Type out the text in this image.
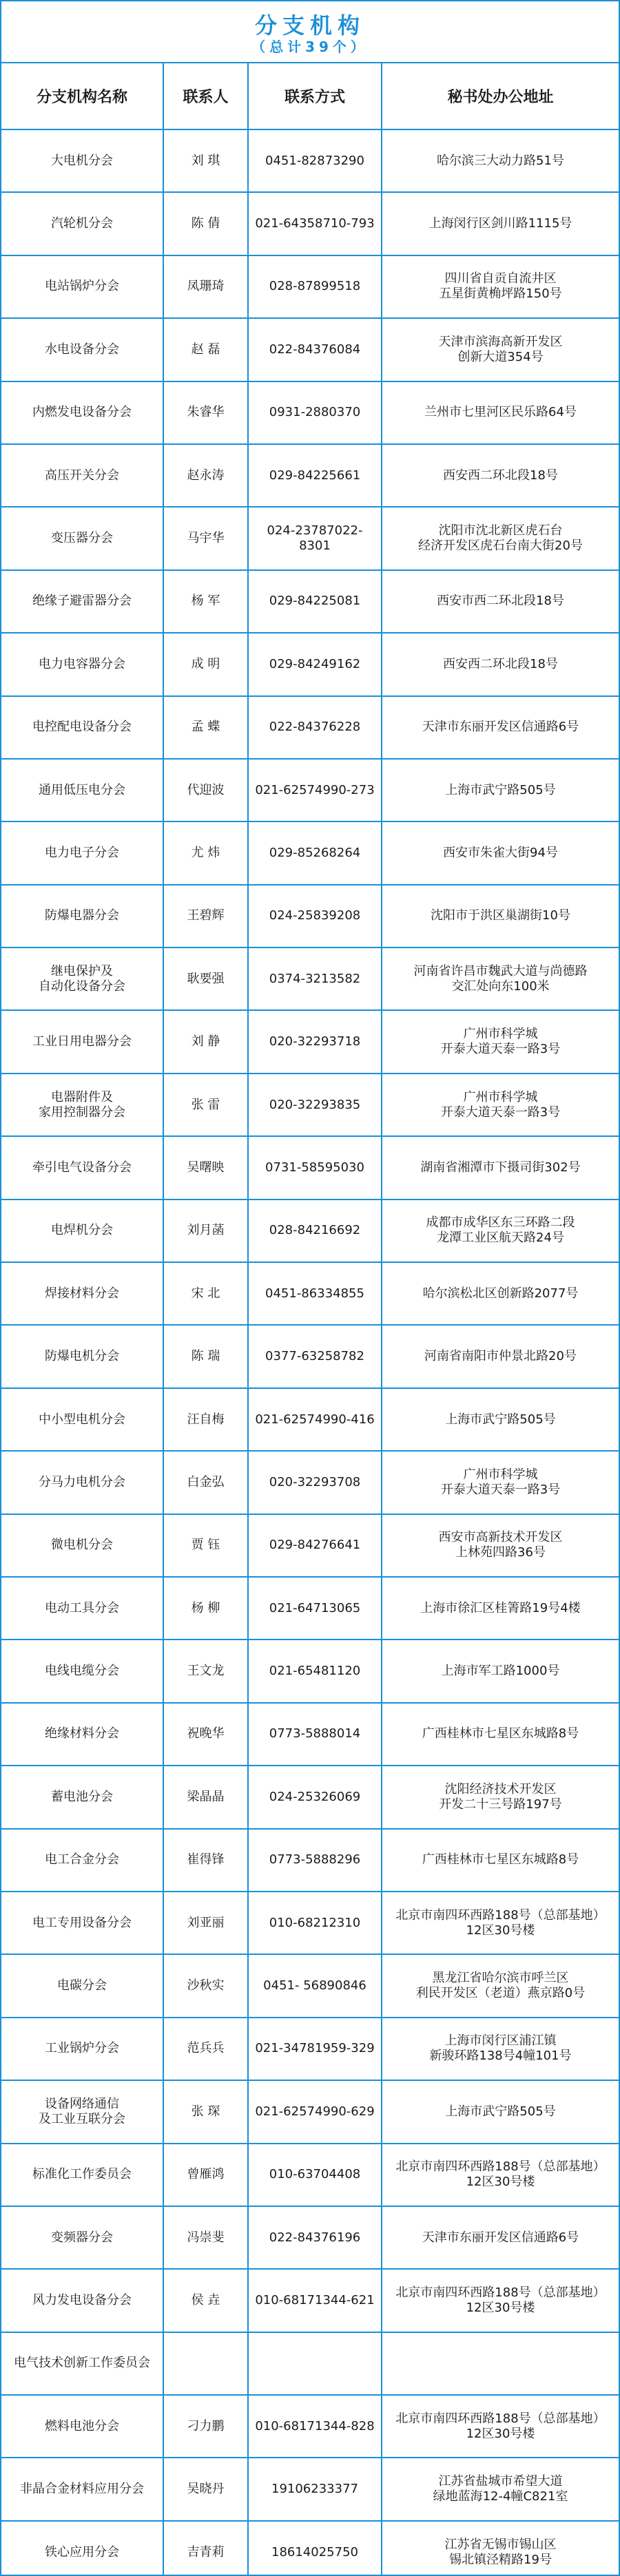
分支机构
（总计39个）
分支机构名称	联系人	联系方式	秘书处办公地址

大电机分会	刘 琪	0451-82873290	哈尔滨三大动力路51号

汽轮机分会	陈 倩	021-64358710-793	上海闵行区剑川路1115号

电站锅炉分会	凤珊琦	028-87899518	四川省自贡自流井区
五星街黄桷坪路150号

水电设备分会	赵 磊	022-84376084	天津市滨海高新开发区
创新大道354号

内燃发电设备分会	朱睿华	0931-2880370	兰州市七里河区民乐路64号

高压开关分会	赵永涛	029-84225661	西安西二环北段18号

变压器分会	马宇华	024-23787022-8301	沈阳市沈北新区虎石台
经济开发区虎石台南大街20号

绝缘子避雷器分会	杨 军	029-84225081	西安市西二环北段18号

电力电容器分会	成 明	029-84249162	西安西二环北段18号

电控配电设备分会	孟 蝶	022-84376228	天津市东丽开发区信通路6号

通用低压电分会	代迎波	021-62574990-273	上海市武宁路505号

电力电子分会	尤 炜	029-85268264	西安市朱雀大街94号

防爆电器分会	王碧辉	024-25839208	沈阳市于洪区巢湖街10号

继电保护及
自动化设备分会	耿要强	0374-3213582	河南省许昌市魏武大道与尚德路
交汇处向东100米

工业日用电器分会	刘 静	020-32293718	广州市科学城
开泰大道天泰一路3号

电器附件及
家用控制器分会	张 雷	020-32293835	广州市科学城
开泰大道天泰一路3号

牵引电气设备分会	吴曙映	0731-58595030	湖南省湘潭市下摄司街302号

电焊机分会	刘月菡	028-84216692	成都市成华区东三环路二段
龙潭工业区航天路24号

焊接材料分会	宋 北	0451-86334855	哈尔滨松北区创新路2077号

防爆电机分会	陈 瑞	0377-63258782	河南省南阳市仲景北路20号

中小型电机分会	汪自梅	021-62574990-416	上海市武宁路505号

分马力电机分会	白金弘	020-32293708	广州市科学城
开泰大道天泰一路3号

微电机分会	贾 钰	029-84276641	西安市高新技术开发区
上林苑四路36号

电动工具分会	杨 柳	021-64713065	上海市徐汇区桂箐路19号4楼

电线电缆分会	王文龙	021-65481120	上海市军工路1000号

绝缘材料分会	祝晚华	0773-5888014	广西桂林市七星区东城路8号

蓄电池分会	梁晶晶	024-25326069	沈阳经济技术开发区
开发二十三号路197号

电工合金分会	崔得锋	0773-5888296	广西桂林市七星区东城路8号

电工专用设备分会	刘亚丽	010-68212310	北京市南四环西路188号（总部基地）
12区30号楼

电碳分会	沙秋实	0451- 56890846	黑龙江省哈尔滨市呼兰区
利民开发区（老道）燕京路0号

工业锅炉分会	范兵兵	021-34781959-329	上海市闵行区浦江镇
新骏环路138号4幢101号

设备网络通信
及工业互联分会	张 琛	021-62574990-629	上海市武宁路505号

标准化工作委员会	曾雁鸿	010-63704408	北京市南四环西路188号（总部基地）
12区30号楼

变频器分会	冯崇斐	022-84376196	天津市东丽开发区信通路6号

风力发电设备分会	侯 垚	010-68171344-621	北京市南四环西路188号（总部基地）
12区30号楼

电气技术创新工作委员会			

燃料电池分会	刁力鹏	010-68171344-828	北京市南四环西路188号（总部基地）
12区30号楼

非晶合金材料应用分会	吴晓丹	19106233377	江苏省盐城市希望大道
绿地蓝海12-4幢C821室

铁心应用分会	吉青莉	18614025750	江苏省无锡市锡山区
锡北镇泾精路19号
